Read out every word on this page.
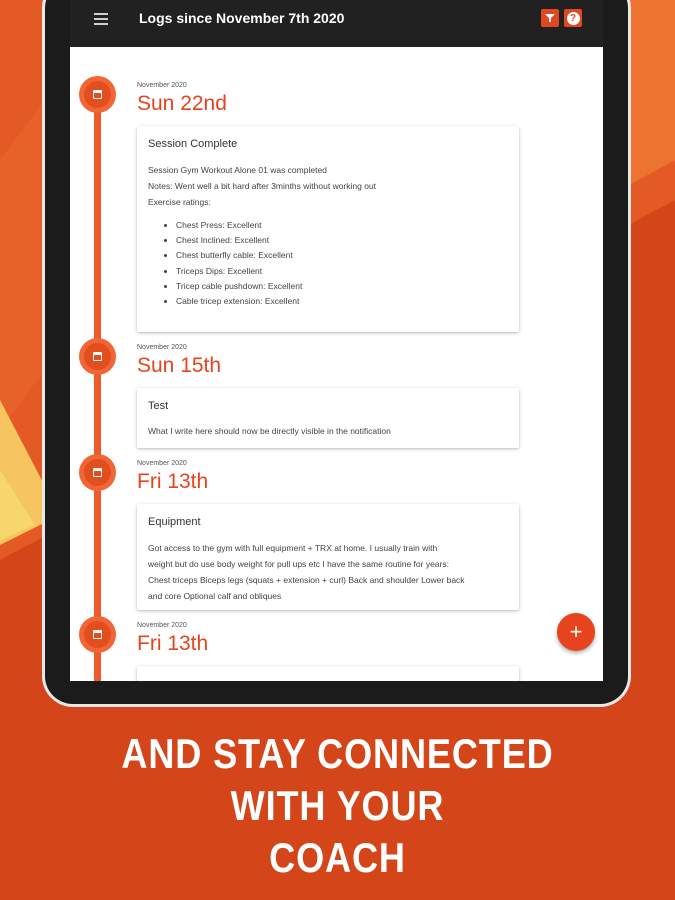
Logs since November 7th 2020	?
November 2020
Sun 22nd
Session Complete
Session Gym Workout Alone 01 was completed
Notes: Went well a bit hard after 3minths without working out
Exercise ratings:
• Chest Press: Excellent
• Chest Inclined: Excellent
• Chest butterfly cable: Excellent
• Triceps Dips: Excellent
• Tricep cable pushdown: Excellent
• Cable tricep extension: Excellent
November 2020
Sun 15th
Test
What I write here should now be directly visible in the notification
November 2020
Fri 13th
Equipment
Got access to the gym with full equipment + TRX at home. I usually train with
weight but do use body weight for pull ups etc I have the same routine for years:
Chest triceps Biceps legs (squats + extension + curl) Back and shoulder Lower back
and core Optional calf and obliques
November 2020
Fri 13th	+
AND STAY CONNECTED
WITH YOUR
COACH
